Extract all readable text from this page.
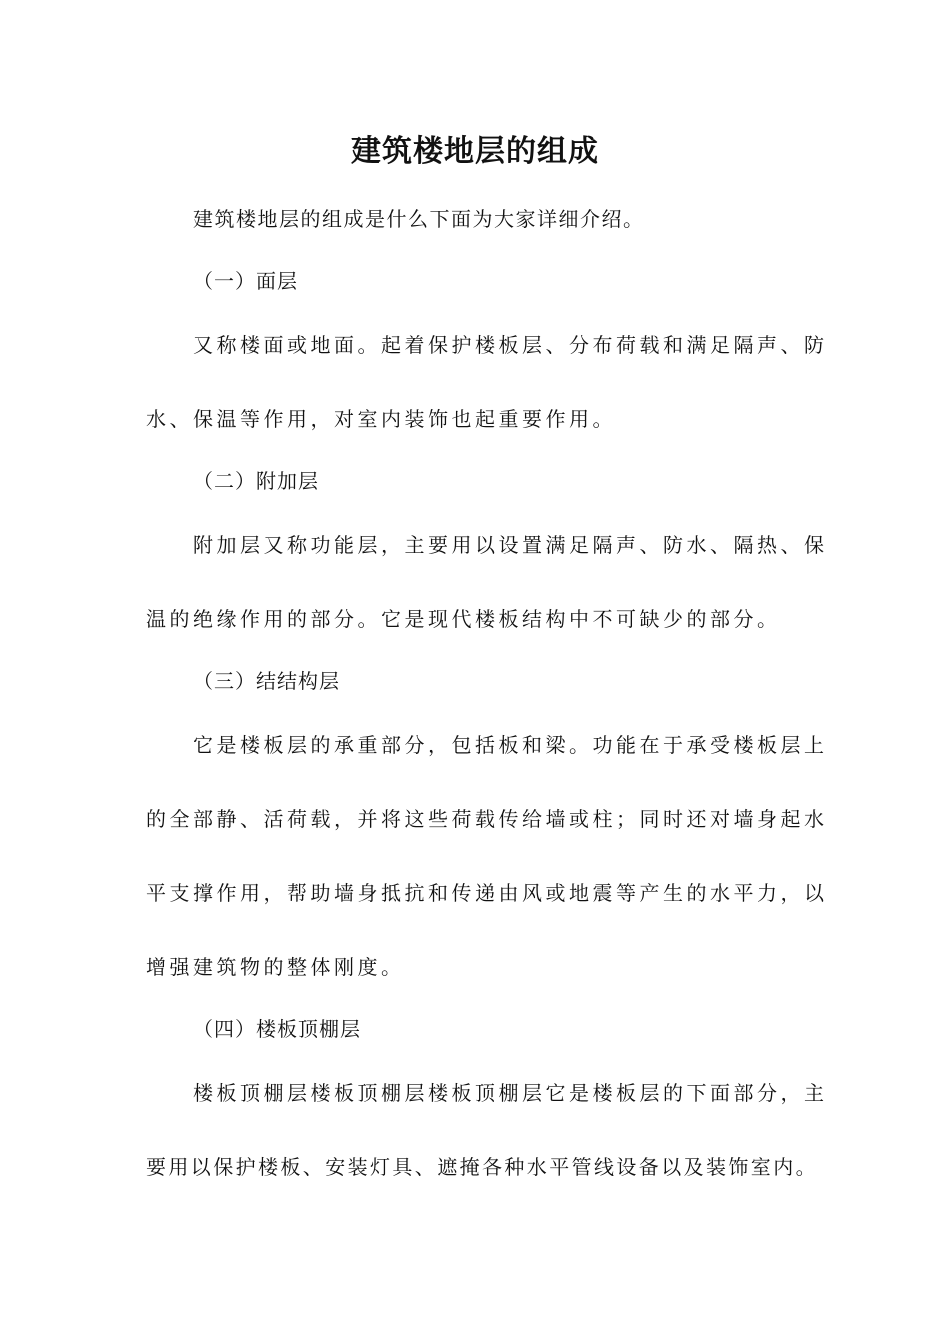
建筑楼地层的组成

建筑楼地层的组成是什么下面为大家详细介绍。

（一）面层

又称楼面或地面。起着保护楼板层、分布荷载和满足隔声、防

水、保温等作用，对室内装饰也起重要作用。

（二）附加层

附加层又称功能层，主要用以设置满足隔声、防水、隔热、保

温的绝缘作用的部分。它是现代楼板结构中不可缺少的部分。

（三）结结构层

它是楼板层的承重部分，包括板和梁。功能在于承受楼板层上

的全部静、活荷载，并将这些荷载传给墙或柱；同时还对墙身起水

平支撑作用，帮助墙身抵抗和传递由风或地震等产生的水平力，以

增强建筑物的整体刚度。

（四）楼板顶棚层

楼板顶棚层楼板顶棚层楼板顶棚层它是楼板层的下面部分，主

要用以保护楼板、安装灯具、遮掩各种水平管线设备以及装饰室内。
